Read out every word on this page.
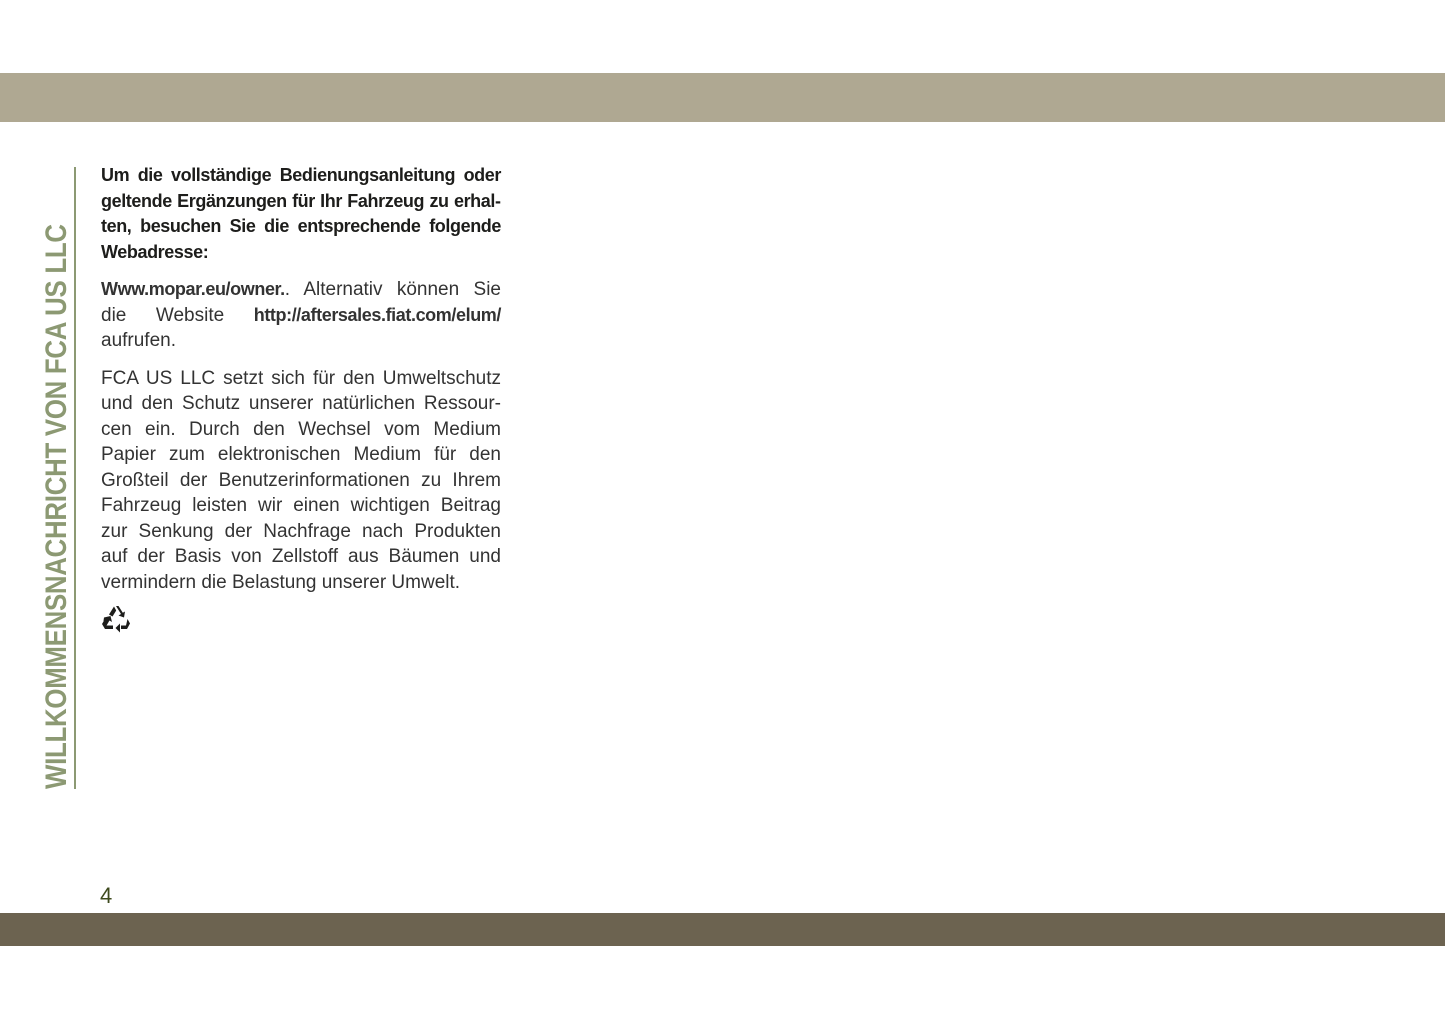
WILLKOMMENSNACHRICHT VON FCA US LLC

Um die vollständige Bedienungsanleitung oder geltende Ergänzungen für Ihr Fahrzeug zu erhalten, besuchen Sie die entsprechende folgende Webadresse:

Www.mopar.eu/owner.. Alternativ können Sie die Website http://aftersales.fiat.com/elum/ aufrufen.

FCA US LLC setzt sich für den Umweltschutz und den Schutz unserer natürlichen Ressourcen ein. Durch den Wechsel vom Medium Papier zum elektronischen Medium für den Großteil der Benutzerinformationen zu Ihrem Fahrzeug leisten wir einen wichtigen Beitrag zur Senkung der Nachfrage nach Produkten auf der Basis von Zellstoff aus Bäumen und vermindern die Belastung unserer Umwelt.

4
